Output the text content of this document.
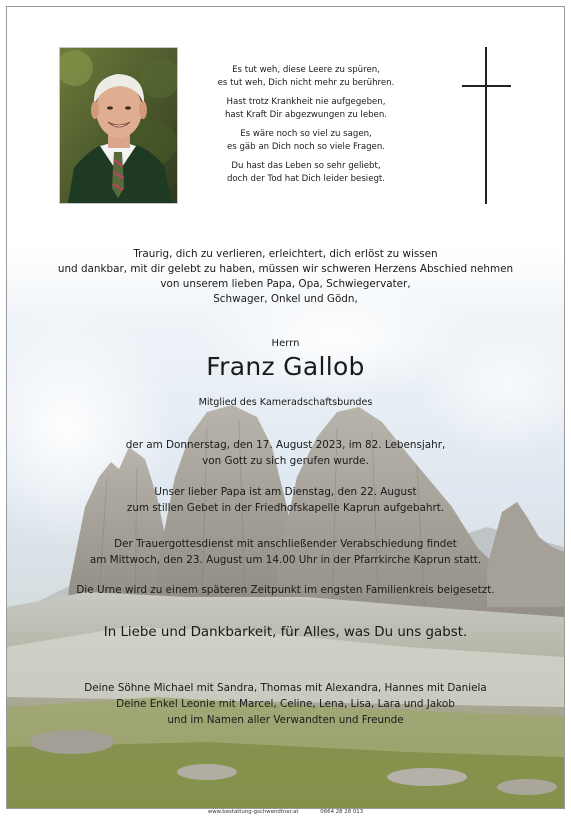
Es tut weh, diese Leere zu spüren,
es tut weh, Dich nicht mehr zu berühren.
Hast trotz Krankheit nie aufgegeben,
hast Kraft Dir abgezwungen zu leben.
Es wäre noch so viel zu sagen,
es gäb an Dich noch so viele Fragen.
Du hast das Leben so sehr geliebt,
doch der Tod hat Dich leider besiegt.
Traurig, dich zu verlieren, erleichtert, dich erlöst zu wissen
und dankbar, mit dir gelebt zu haben, müssen wir schweren Herzens Abschied nehmen
von unserem lieben Papa, Opa, Schwiegervater,
Schwager, Onkel und Gödn,
Herrn
Franz Gallob
Mitglied des Kameradschaftsbundes
der am Donnerstag, den 17. August 2023, im 82. Lebensjahr,
von Gott zu sich gerufen wurde.
Unser lieber Papa ist am Dienstag, den 22. August
zum stillen Gebet in der Friedhofskapelle Kaprun aufgebahrt.
Der Trauergottesdienst mit anschließender Verabschiedung findet
am Mittwoch, den 23. August um 14.00 Uhr in der Pfarrkirche Kaprun statt.
Die Urne wird zu einem späteren Zeitpunkt im engsten Familienkreis beigesetzt.
In Liebe und Dankbarkeit, für Alles, was Du uns gabst.
Deine Söhne Michael mit Sandra, Thomas mit Alexandra, Hannes mit Daniela
Deine Enkel Leonie mit Marcel, Celine, Lena, Lisa, Lara und Jakob
und im Namen aller Verwandten und Freunde
www.bestattung-gschwendtner.at	0664 28 28 013
